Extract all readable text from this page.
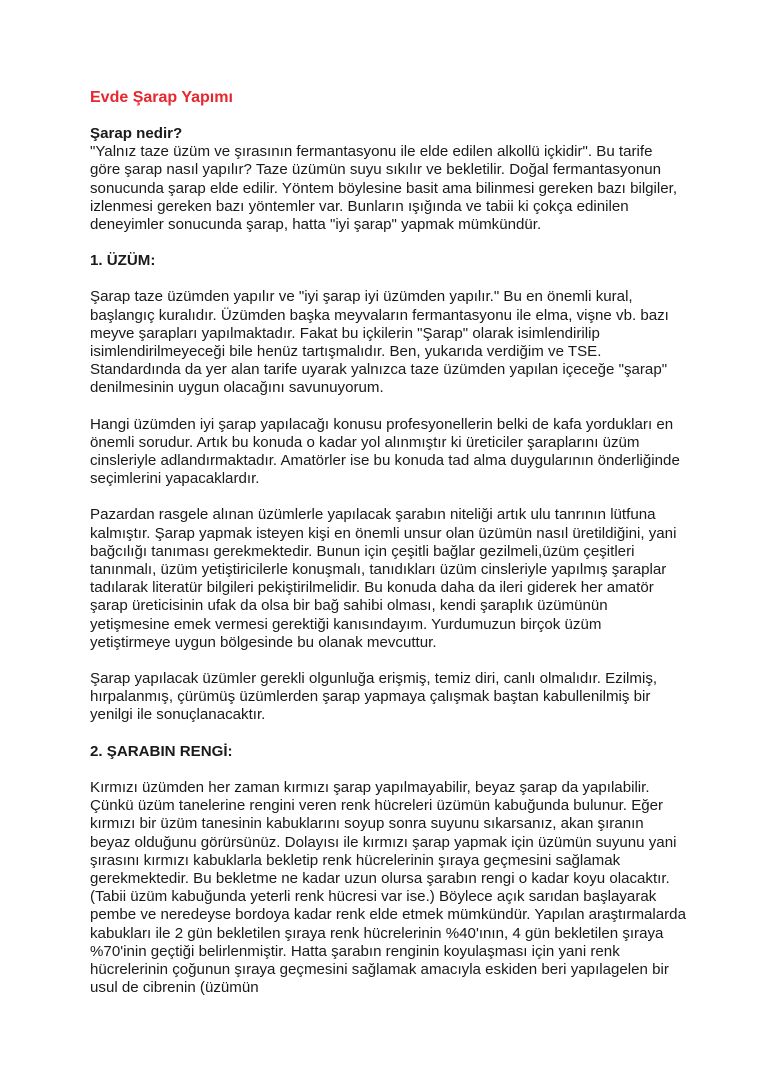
Evde Şarap Yapımı
Şarap nedir?

"Yalnız taze üzüm ve şırasının fermantasyonu ile elde edilen alkollü içkidir". Bu tarife göre şarap nasıl yapılır? Taze üzümün suyu sıkılır ve bekletilir. Doğal fermantasyonun sonucunda şarap elde edilir. Yöntem böylesine basit ama bilinmesi gereken bazı bilgiler, izlenmesi gereken bazı yöntemler var. Bunların ışığında ve tabii ki çokça edinilen deneyimler sonucunda şarap, hatta "iyi şarap" yapmak mümkündür.

1. ÜZÜM:

Şarap taze üzümden yapılır ve "iyi şarap iyi üzümden yapılır." Bu en önemli kural, başlangıç kuralıdır. Üzümden başka meyvaların fermantasyonu ile elma, vişne vb. bazı meyve şarapları yapılmaktadır. Fakat bu içkilerin "Şarap" olarak isimlendirilip isimlendirilmeyeceği bile henüz tartışmalıdır. Ben, yukarıda verdiğim ve TSE. Standardında da yer alan tarife uyarak yalnızca taze üzümden yapılan içeceğe "şarap" denilmesinin uygun olacağını savunuyorum.

Hangi üzümden iyi şarap yapılacağı konusu profesyonellerin belki de kafa yordukları en önemli sorudur. Artık bu konuda o kadar yol alınmıştır ki üreticiler şaraplarını üzüm cinsleriyle adlandırmaktadır. Amatörler ise bu konuda tad alma duygularının önderliğinde seçimlerini yapacaklardır.

Pazardan rasgele alınan üzümlerle yapılacak şarabın niteliği artık ulu tanrının lütfuna kalmıştır. Şarap yapmak isteyen kişi en önemli unsur olan üzümün nasıl üretildiğini, yani bağcılığı tanıması gerekmektedir. Bunun için çeşitli bağlar gezilmeli,üzüm çeşitleri tanınmalı, üzüm yetiştiricilerle konuşmalı, tanıdıkları üzüm cinsleriyle yapılmış şaraplar tadılarak literatür bilgileri pekiştirilmelidir. Bu konuda daha da ileri giderek her amatör şarap üreticisinin ufak da olsa bir bağ sahibi olması, kendi şaraplık üzümünün yetişmesine emek vermesi gerektiği kanısındayım. Yurdumuzun birçok üzüm yetiştirmeye uygun bölgesinde bu olanak mevcuttur.

Şarap yapılacak üzümler gerekli olgunluğa erişmiş, temiz diri, canlı olmalıdır. Ezilmiş, hırpalanmış, çürümüş üzümlerden şarap yapmaya çalışmak baştan kabullenilmiş bir yenilgi ile sonuçlanacaktır.

2. ŞARABIN RENGİ:

Kırmızı üzümden her zaman kırmızı şarap yapılmayabilir, beyaz şarap da yapılabilir. Çünkü üzüm tanelerine rengini veren renk hücreleri üzümün kabuğunda bulunur. Eğer kırmızı bir üzüm tanesinin kabuklarını soyup sonra suyunu sıkarsanız, akan şıranın beyaz olduğunu görürsünüz. Dolayısı ile kırmızı şarap yapmak için üzümün suyunu yani şırasını kırmızı kabuklarla bekletip renk hücrelerinin şıraya geçmesini sağlamak gerekmektedir. Bu bekletme ne kadar uzun olursa şarabın rengi o kadar koyu olacaktır. (Tabii üzüm kabuğunda yeterli renk hücresi var ise.) Böylece açık sarıdan başlayarak pembe ve neredeyse bordoya kadar renk elde etmek mümkündür. Yapılan araştırmalarda kabukları ile 2 gün bekletilen şıraya renk hücrelerinin %40'ının, 4 gün bekletilen şıraya %70'inin geçtiği belirlenmiştir. Hatta şarabın renginin koyulaşması için yani renk hücrelerinin çoğunun şıraya geçmesini sağlamak amacıyla eskiden beri yapılagelen bir usul de cibrenin (üzümün
